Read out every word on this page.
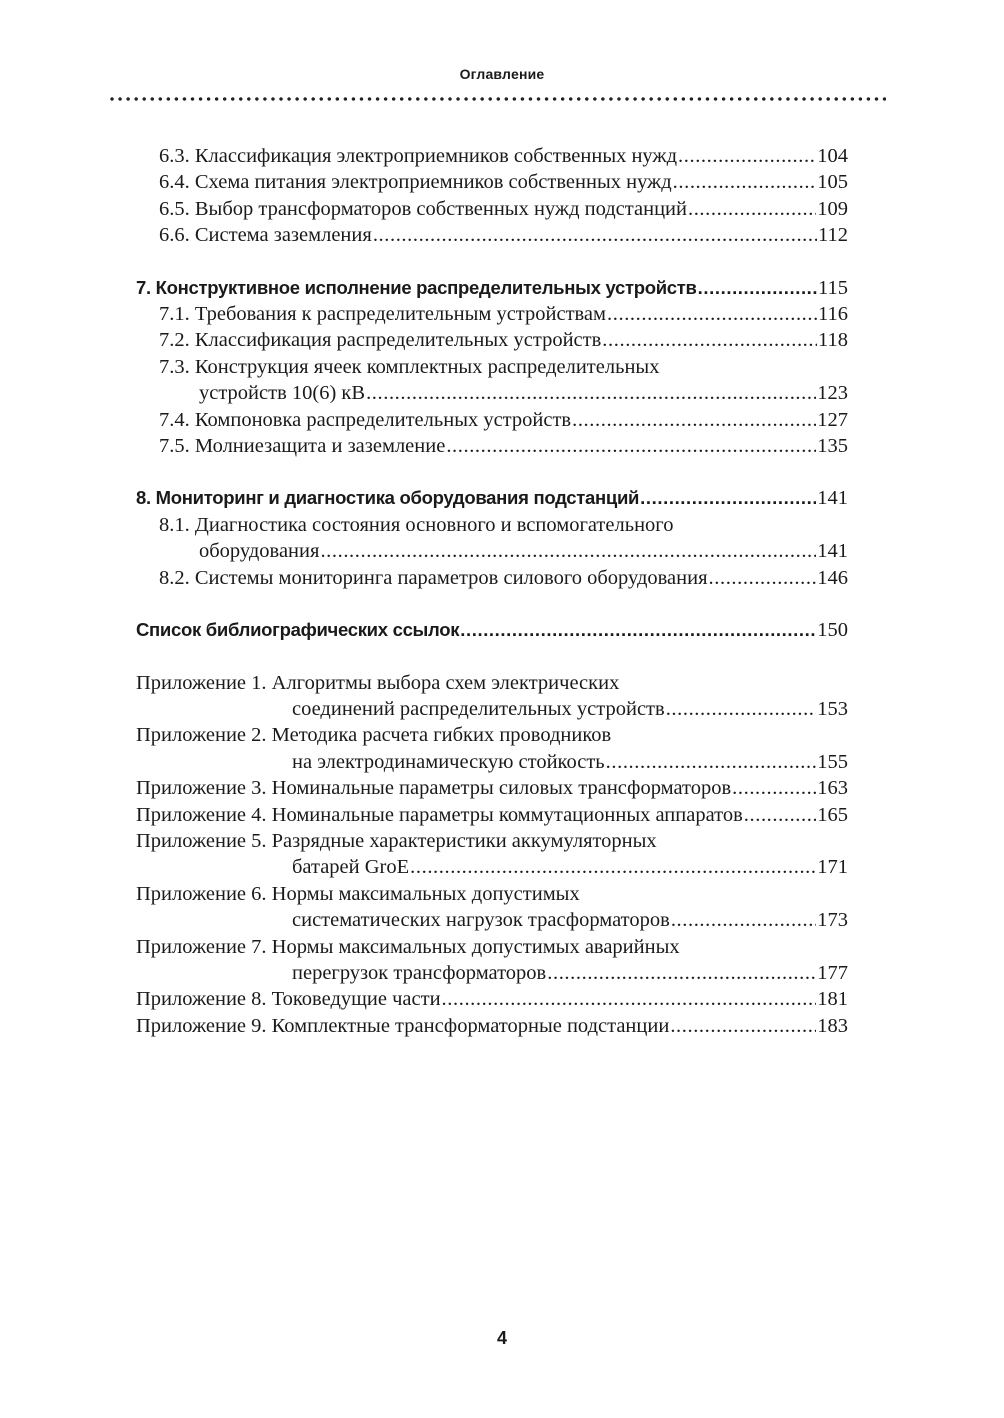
Оглавление
6.3. Классификация электроприемников собственных нужд .....	104
6.4. Схема питания электроприемников собственных нужд .....	105
6.5. Выбор трансформаторов собственных нужд подстанций .....	109
6.6. Система заземления .....	112
7. Конструктивное исполнение распределительных устройств .....	115
7.1. Требования к распределительным устройствам .....	116
7.2. Классификация распределительных устройств .....	118
7.3. Конструкция ячеек комплектных распределительных
устройств 10(6) кВ .....	123
7.4. Компоновка распределительных устройств .....	127
7.5. Молниезащита и заземление .....	135
8. Мониторинг и диагностика оборудования подстанций .....	141
8.1. Диагностика состояния основного и вспомогательного
оборудования .....	141
8.2. Системы мониторинга параметров силового оборудования .....	146
Список библиографических ссылок .....	150
Приложение 1. Алгоритмы выбора схем электрических
соединений распределительных устройств .....	153
Приложение 2. Методика расчета гибких проводников
на электродинамическую стойкость .....	155
Приложение 3. Номинальные параметры силовых трансформаторов .....	163
Приложение 4. Номинальные параметры коммутационных аппаратов .....	165
Приложение 5. Разрядные характеристики аккумуляторных
батарей GroE .....	171
Приложение 6. Нормы максимальных допустимых
систематических нагрузок трасформаторов .....	173
Приложение 7. Нормы максимальных допустимых аварийных
перегрузок трансформаторов .....	177
Приложение 8. Токоведущие части .....	181
Приложение 9. Комплектные трансформаторные подстанции .....	183
4
